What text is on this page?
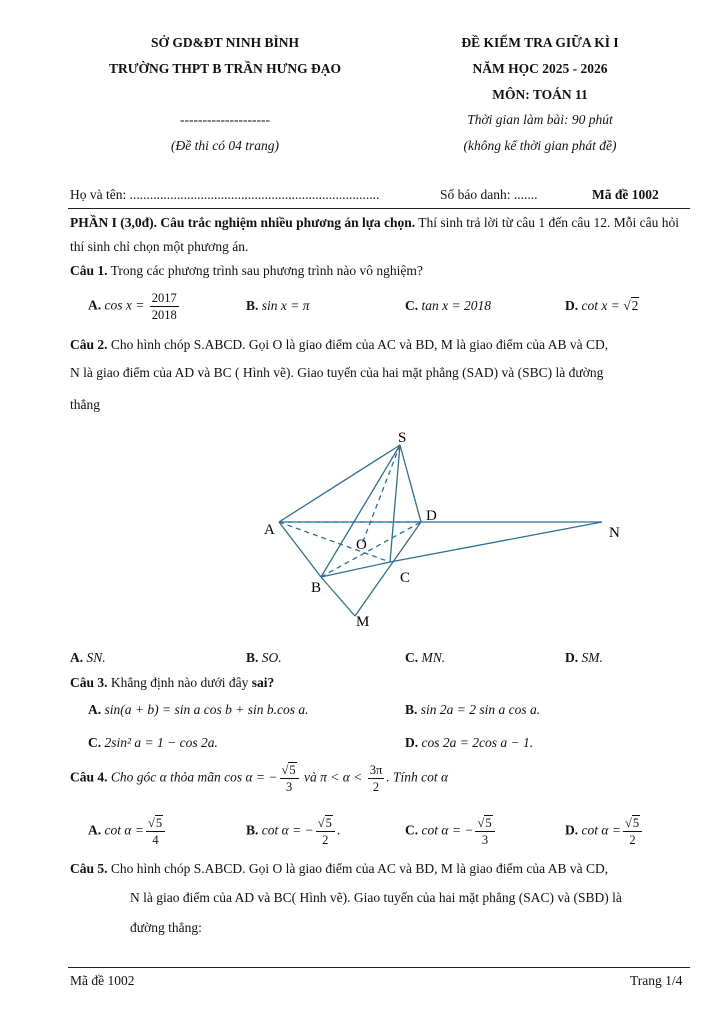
SỞ GD&ĐT NINH BÌNH
TRƯỜNG THPT B TRẦN HƯNG ĐẠO
--------------------
(Đề thi có 04 trang)
ĐỀ KIỂM TRA GIỮA KÌ I
NĂM HỌC 2025 - 2026
MÔN: TOÁN 11
Thời gian làm bài: 90 phút
(không kể thời gian phát đề)
Họ và tên: ..........................................................................	Số báo danh: .......	Mã đề 1002
PHẦN I (3,0đ). Câu trắc nghiệm nhiều phương án lựa chọn. Thí sinh trả lời từ câu 1 đến câu 12. Mỗi câu hỏi thí sinh chỉ chọn một phương án.
Câu 1. Trong các phương trình sau phương trình nào vô nghiệm?
A. $\cos x = \frac{2017}{2018}$	B. sin x = π	C. tan x = 2018	D. cot x = √2
Câu 2. Cho hình chóp S.ABCD. Gọi O là giao điểm của AC và BD, M là giao điểm của AB và CD,
N là giao điểm của AD và BC ( Hình vẽ). Giao tuyến của hai mặt phẳng (SAD) và (SBC) là đường
thẳng
S
A
D
O
C
B
M
N
A. SN.	B. SO.	C. MN.	D. SM.
Câu 3. Khẳng định nào dưới đây sai?
A. sin(a + b) = sin a cos b + sin b.cos a.	B. sin 2a = 2 sin a cos a.
C. 2sin² a = 1 − cos 2a.	D. cos 2a = 2cos a − 1.
Câu 4. Cho góc α thỏa mãn cos α = − $\frac{√5}{3}$ và $\pi < \alpha < \frac{3\pi}{2}$ . Tính cot α
A. $\cot \alpha = \frac{√5}{4}$	B. cot α = − $\frac{√5}{2}$ .	C. cot α = − $\frac{√5}{3}$	D. $\cot \alpha = \frac{√5}{2}$
Câu 5. Cho hình chóp S.ABCD. Gọi O là giao điểm của AC và BD, M là giao điểm của AB và CD,
N là giao điểm của AD và BC( Hình vẽ). Giao tuyến của hai mặt phẳng (SAC) và (SBD) là
đường thẳng:
Mã đề 1002	Trang 1/4
